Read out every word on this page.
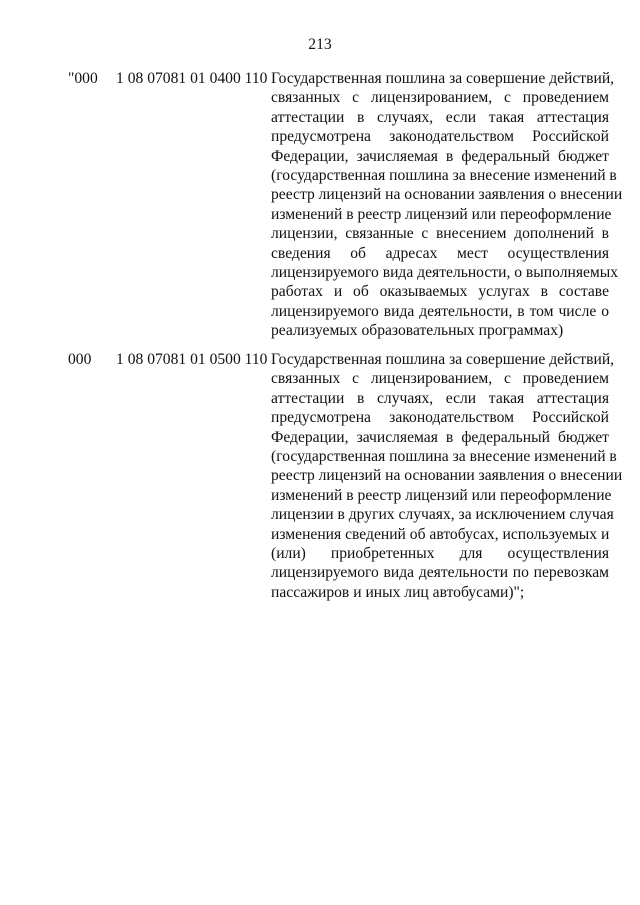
213
"000 1 08 07081 01 0400 110 Государственная пошлина за совершение действий,
связанных с лицензированием, с проведением
аттестации в случаях, если такая аттестация
предусмотрена законодательством Российской
Федерации, зачисляемая в федеральный бюджет
(государственная пошлина за внесение изменений в
реестр лицензий на основании заявления о внесении
изменений в реестр лицензий или переоформление
лицензии, связанные с внесением дополнений в
сведения об адресах мест осуществления
лицензируемого вида деятельности, о выполняемых
работах и об оказываемых услугах в составе
лицензируемого вида деятельности, в том числе о
реализуемых образовательных программах)
000 1 08 07081 01 0500 110 Государственная пошлина за совершение действий,
связанных с лицензированием, с проведением
аттестации в случаях, если такая аттестация
предусмотрена законодательством Российской
Федерации, зачисляемая в федеральный бюджет
(государственная пошлина за внесение изменений в
реестр лицензий на основании заявления о внесении
изменений в реестр лицензий или переоформление
лицензии в других случаях, за исключением случая
изменения сведений об автобусах, используемых и
(или) приобретенных для осуществления
лицензируемого вида деятельности по перевозкам
пассажиров и иных лиц автобусами)";
